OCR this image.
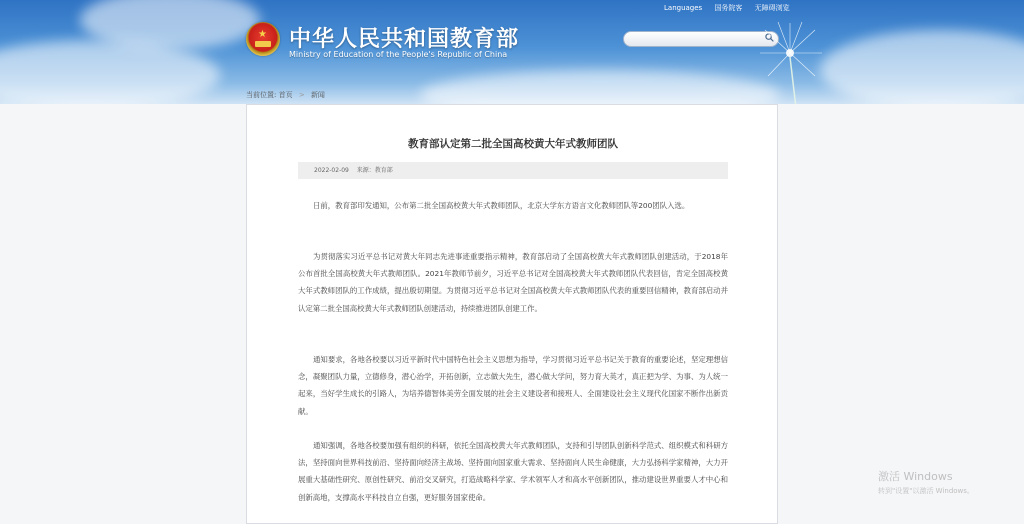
★ 中华人民共和国教育部
Ministry of Education of the People's Republic of China
Languages 国务院客 无障碍浏览
当前位置: 首页 > 新闻
教育部认定第二批全国高校黄大年式教师团队
2022-02-09 来源：教育部

日前，教育部印发通知，公布第二批全国高校黄大年式教师团队，北京大学东方语言文化教师团队等200团队入选。

为贯彻落实习近平总书记对黄大年同志先进事迹重要指示精神，教育部启动了全国高校黄大年式教师团队创建活动，于2018年公布首批全国高校黄大年式教师团队。2021年教师节前夕，习近平总书记对全国高校黄大年式教师团队代表回信，肯定全国高校黄大年式教师团队的工作成绩，提出殷切期望。为贯彻习近平总书记对全国高校黄大年式教师团队代表的重要回信精神，教育部启动并认定第二批全国高校黄大年式教师团队创建活动，持续推进团队创建工作。

通知要求，各地各校要以习近平新时代中国特色社会主义思想为指导，学习贯彻习近平总书记关于教育的重要论述，坚定理想信念，凝聚团队力量，立德修身，潜心治学，开拓创新，立志做大先生，潜心做大学问，努力育大英才，真正把为学、为事、为人统一起来，当好学生成长的引路人，为培养德智体美劳全面发展的社会主义建设者和接班人、全面建设社会主义现代化国家不断作出新贡献。

通知强调，各地各校要加强有组织的科研，依托全国高校黄大年式教师团队，支持和引导团队创新科学范式、组织模式和科研方法，坚持面向世界科技前沿、坚持面向经济主战场、坚持面向国家重大需求、坚持面向人民生命健康，大力弘扬科学家精神，大力开展重大基础性研究、原创性研究、前沿交叉研究，打造战略科学家、学术领军人才和高水平创新团队，推动建设世界重要人才中心和创新高地，支撑高水平科技自立自强，更好服务国家使命。

激活 Windows
转到"设置"以激活 Windows。
